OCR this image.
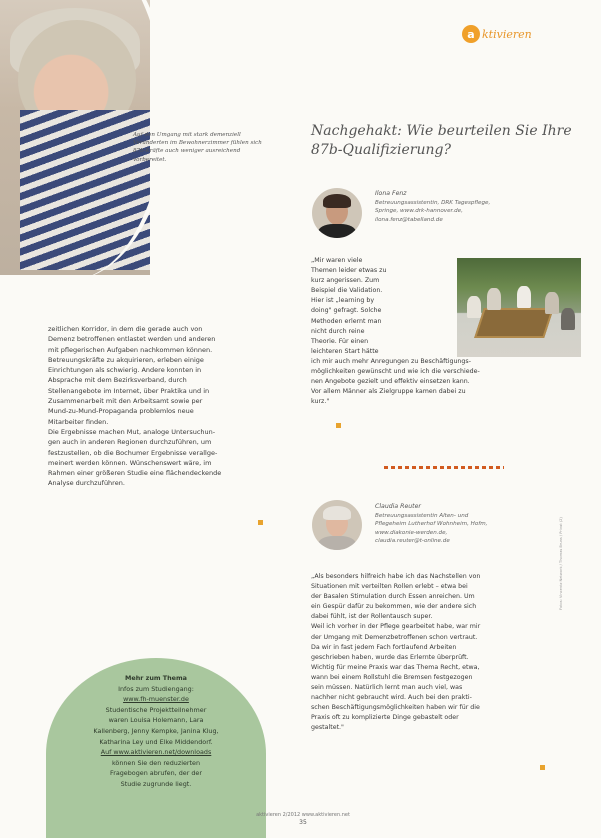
Auf den Umgang mit stark demenziell Veränderten im Bewohnerzimmer fühlen sich 87b-Kräfte auch weniger ausreichend vorbereitet.
a ktivieren
Nachgehakt: Wie beurteilen Sie Ihre 87b-Qualifizierung?
Ilona Fenz
Betreuungsassistentin, DRK Tagespflege,
Springe, www.drk-hannover.de,
ilona.fenz@tabelland.de
„Mir waren viele
Themen leider etwas zu
kurz angerissen. Zum
Beispiel die Validation.
Hier ist „learning by
doing" gefragt. Solche
Methoden erlernt man
nicht durch reine
Theorie. Für einen
leichteren Start hätte
ich mir auch mehr Anregungen zu Beschäftigungs-
möglichkeiten gewünscht und wie ich die verschiede-
nen Angebote gezielt und effektiv einsetzen kann.
Vor allem Männer als Zielgruppe kamen dabei zu
kurz."
Claudia Reuter
Betreuungsassistentin Alten- und
Pflegeheim Lutherhof Wohnheim, Hofm,
www.diakonie-werden.de,
claudia.reuter@t-online.de
„Als besonders hilfreich habe ich das Nachstellen von
Situationen mit verteilten Rollen erlebt – etwa bei
der Basalen Stimulation durch Essen anreichen. Um
ein Gespür dafür zu bekommen, wie der andere sich
dabei fühlt, ist der Rollentausch super.
Weil ich vorher in der Pflege gearbeitet habe, war mir
der Umgang mit Demenzbetroffenen schon vertraut.
Da wir in fast jedem Fach fortlaufend Arbeiten
geschrieben haben, wurde das Erlernte überprüft.
Wichtig für meine Praxis war das Thema Recht, etwa,
wann bei einem Rollstuhl die Bremsen festgezogen
sein müssen. Natürlich lernt man auch viel, was
nachher nicht gebraucht wird. Auch bei den prakti-
schen Beschäftigungsmöglichkeiten haben wir für die
Praxis oft zu komplizierte Dinge gebastelt oder
gestaltet."
zeitlichen Korridor, in dem die gerade auch von
Demenz betroffenen entlastet werden und anderen
mit pflegerischen Aufgaben nachkommen können.
Betreuungskräfte zu akquirieren, erleben einige
Einrichtungen als schwierig. Andere konnten in
Absprache mit dem Bezirksverband, durch
Stellenangebote im Internet, über Praktika und in
Zusammenarbeit mit den Arbeitsamt sowie per
Mund-zu-Mund-Propaganda problemlos neue
Mitarbeiter finden.
Die Ergebnisse machen Mut, analoge Untersuchun-
gen auch in anderen Regionen durchzuführen, um
festzustellen, ob die Bochumer Ergebnisse verallge-
meinert werden können. Wünschenswert wäre, im
Rahmen einer größeren Studie eine flächendeckende
Analyse durchzuführen.
Mehr zum Thema
Infos zum Studiengang:
www.fh-muenster.de
Studentische Projektteilnehmer
waren Louisa Holemann, Lara
Kallenberg, Jenny Kempke, Janina Klug,
Katharina Ley und Elke Middendorf.
Auf www.aktivieren.net/downloads
können Sie den reduzierten
Fragebogen abrufen, der der
Studie zugrunde liegt.
aktivieren 2/2012 www.aktivieren.net
35
Fotos: Vincentz Network / Thomas Bruns / Privat (2)
